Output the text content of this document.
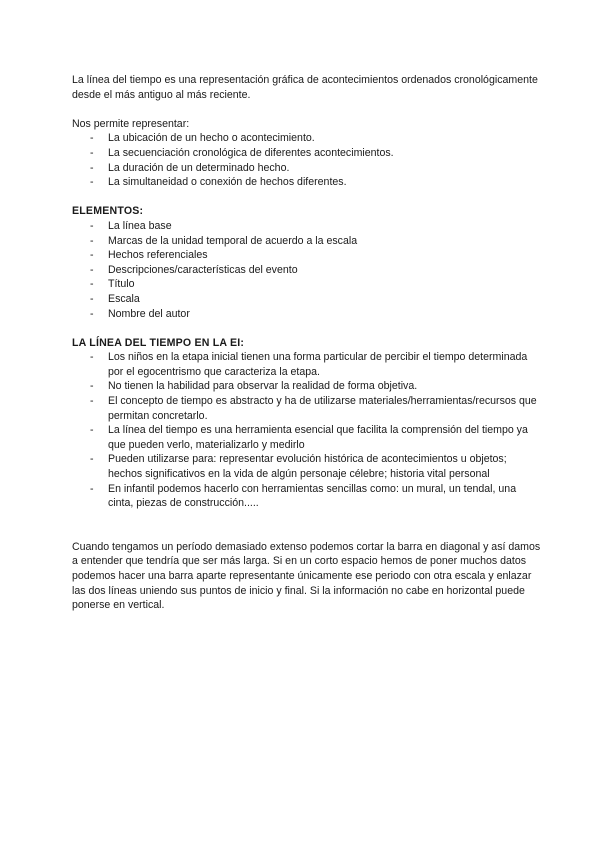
La línea del tiempo es una representación gráfica de acontecimientos ordenados cronológicamente desde el más antiguo al más reciente.

Nos permite representar:

- La ubicación de un hecho o acontecimiento.
- La secuenciación cronológica de diferentes acontecimientos.
- La duración de un determinado hecho.
- La simultaneidad o conexión de hechos diferentes.

ELEMENTOS:

- La línea base
- Marcas de la unidad temporal de acuerdo a la escala
- Hechos referenciales
- Descripciones/características del evento
- Título
- Escala
- Nombre del autor

LA LÍNEA DEL TIEMPO EN LA EI:

- Los niños en la etapa inicial tienen una forma particular de percibir el tiempo determinada por el egocentrismo que caracteriza la etapa.
- No tienen la habilidad para observar la realidad de forma objetiva.
- El concepto de tiempo es abstracto y ha de utilizarse materiales/herramientas/recursos que permitan concretarlo.
- La línea del tiempo es una herramienta esencial que facilita la comprensión del tiempo ya que pueden verlo, materializarlo y medirlo
- Pueden utilizarse para: representar evolución histórica de acontecimientos u objetos; hechos significativos en la vida de algún personaje célebre; historia vital personal
- En infantil podemos hacerlo con herramientas sencillas como: un mural, un tendal, una cinta, piezas de construcción.....

Cuando tengamos un período demasiado extenso podemos cortar la barra en diagonal y así damos a entender que tendría que ser más larga. Si en un corto espacio hemos de poner muchos datos podemos hacer una barra aparte representante únicamente ese periodo con otra escala y enlazar las dos líneas uniendo sus puntos de inicio y final. Si la información no cabe en horizontal puede ponerse en vertical.
